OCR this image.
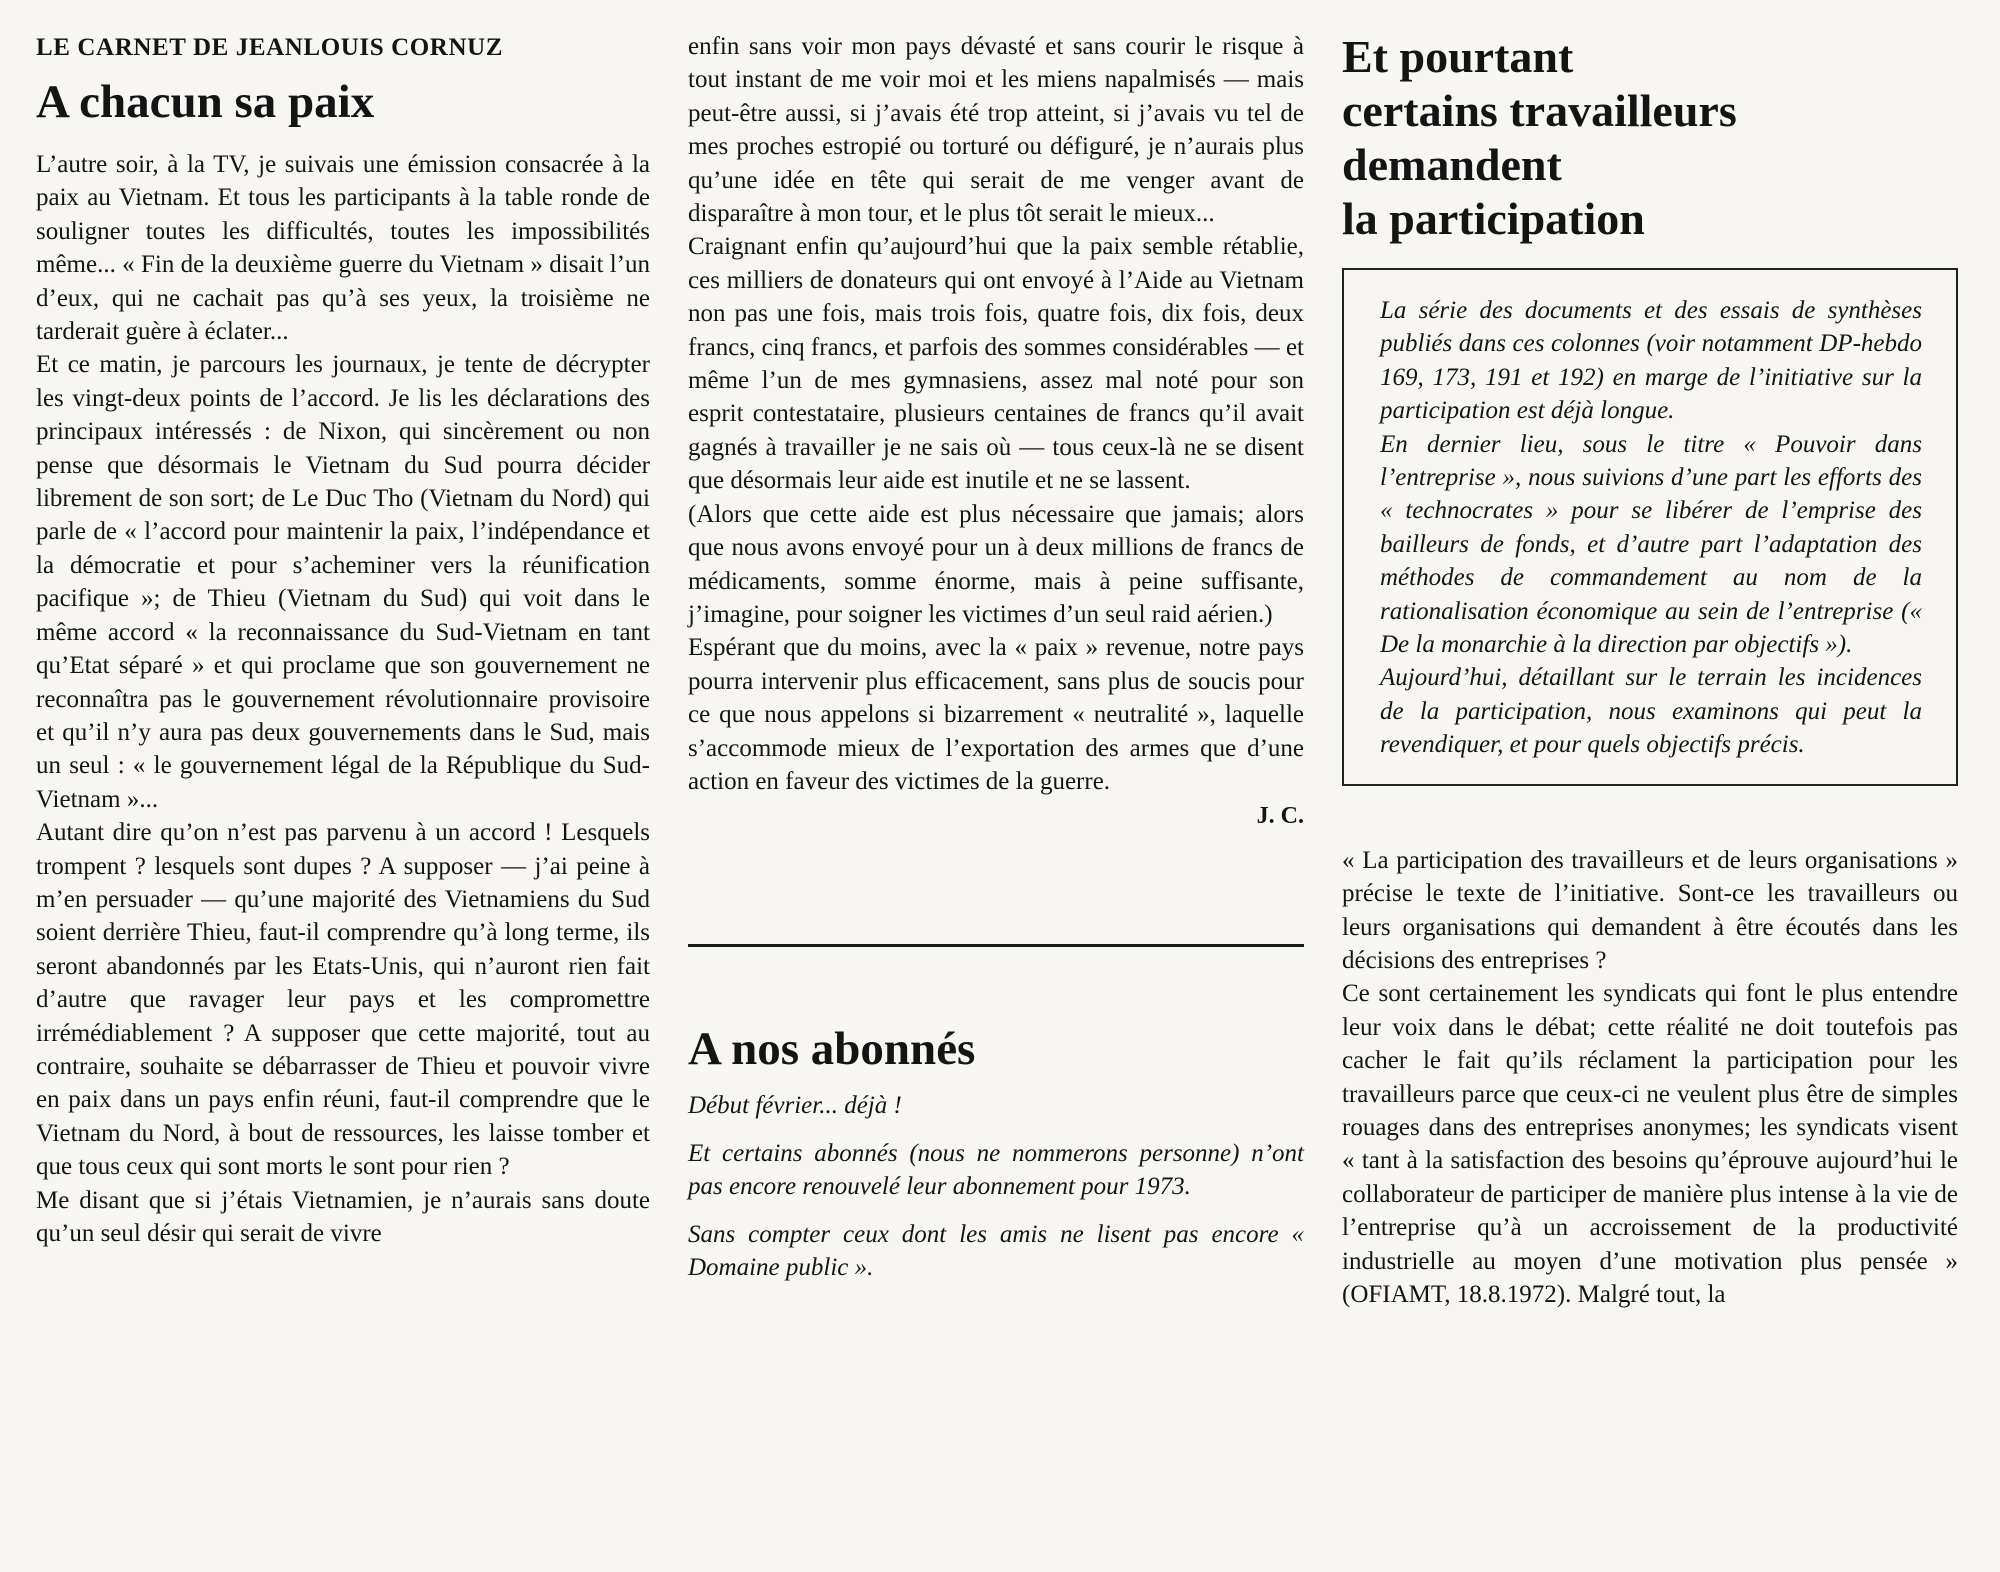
LE CARNET DE JEANLOUIS CORNUZ
A chacun sa paix

L’autre soir, à la TV, je suivais une émission consacrée à la paix au Vietnam. Et tous les participants à la table ronde de souligner toutes les difficultés, toutes les impossibilités même... « Fin de la deuxième guerre du Vietnam » disait l’un d’eux, qui ne cachait pas qu’à ses yeux, la troisième ne tarderait guère à éclater...

Et ce matin, je parcours les journaux, je tente de décrypter les vingt-deux points de l’accord. Je lis les déclarations des principaux intéressés : de Nixon, qui sincèrement ou non pense que désormais le Vietnam du Sud pourra décider librement de son sort; de Le Duc Tho (Vietnam du Nord) qui parle de « l’accord pour maintenir la paix, l’indépendance et la démocratie et pour s’acheminer vers la réunification pacifique »; de Thieu (Vietnam du Sud) qui voit dans le même accord « la reconnaissance du Sud-Vietnam en tant qu’Etat séparé » et qui proclame que son gouvernement ne reconnaîtra pas le gouvernement révolutionnaire provisoire et qu’il n’y aura pas deux gouvernements dans le Sud, mais un seul : « le gouvernement légal de la République du Sud-Vietnam »...

Autant dire qu’on n’est pas parvenu à un accord ! Lesquels trompent ? lesquels sont dupes ? A supposer — j’ai peine à m’en persuader — qu’une majorité des Vietnamiens du Sud soient derrière Thieu, faut-il comprendre qu’à long terme, ils seront abandonnés par les Etats-Unis, qui n’auront rien fait d’autre que ravager leur pays et les compromettre irrémédiablement ? A supposer que cette majorité, tout au contraire, souhaite se débarrasser de Thieu et pouvoir vivre en paix dans un pays enfin réuni, faut-il comprendre que le Vietnam du Nord, à bout de ressources, les laisse tomber et que tous ceux qui sont morts le sont pour rien ?

Me disant que si j’étais Vietnamien, je n’aurais sans doute qu’un seul désir qui serait de vivre

enfin sans voir mon pays dévasté et sans courir le risque à tout instant de me voir moi et les miens napalmisés — mais peut-être aussi, si j’avais été trop atteint, si j’avais vu tel de mes proches estropié ou torturé ou défiguré, je n’aurais plus qu’une idée en tête qui serait de me venger avant de disparaître à mon tour, et le plus tôt serait le mieux...

Craignant enfin qu’aujourd’hui que la paix semble rétablie, ces milliers de donateurs qui ont envoyé à l’Aide au Vietnam non pas une fois, mais trois fois, quatre fois, dix fois, deux francs, cinq francs, et parfois des sommes considérables — et même l’un de mes gymnasiens, assez mal noté pour son esprit contestataire, plusieurs centaines de francs qu’il avait gagnés à travailler je ne sais où — tous ceux-là ne se disent que désormais leur aide est inutile et ne se lassent.

(Alors que cette aide est plus nécessaire que jamais; alors que nous avons envoyé pour un à deux millions de francs de médicaments, somme énorme, mais à peine suffisante, j’imagine, pour soigner les victimes d’un seul raid aérien.)

Espérant que du moins, avec la « paix » revenue, notre pays pourra intervenir plus efficacement, sans plus de soucis pour ce que nous appelons si bizarrement « neutralité », laquelle s’accommode mieux de l’exportation des armes que d’une action en faveur des victimes de la guerre.

J. C.
A nos abonnés

Début février... déjà !

Et certains abonnés (nous ne nommerons personne) n’ont pas encore renouvelé leur abonnement pour 1973.

Sans compter ceux dont les amis ne lisent pas encore « Domaine public ».

Et pourtant
certains travailleurs
demandent
la participation

La série des documents et des essais de synthèses publiés dans ces colonnes (voir notamment DP-hebdo 169, 173, 191 et 192) en marge de l’initiative sur la participation est déjà longue.

En dernier lieu, sous le titre « Pouvoir dans l’entreprise », nous suivions d’une part les efforts des « technocrates » pour se libérer de l’emprise des bailleurs de fonds, et d’autre part l’adaptation des méthodes de commandement au nom de la rationalisation économique au sein de l’entreprise (« De la monarchie à la direction par objectifs »).

Aujourd’hui, détaillant sur le terrain les incidences de la participation, nous examinons qui peut la revendiquer, et pour quels objectifs précis.

« La participation des travailleurs et de leurs organisations » précise le texte de l’initiative. Sont-ce les travailleurs ou leurs organisations qui demandent à être écoutés dans les décisions des entreprises ?

Ce sont certainement les syndicats qui font le plus entendre leur voix dans le débat; cette réalité ne doit toutefois pas cacher le fait qu’ils réclament la participation pour les travailleurs parce que ceux-ci ne veulent plus être de simples rouages dans des entreprises anonymes; les syndicats visent « tant à la satisfaction des besoins qu’éprouve aujourd’hui le collaborateur de participer de manière plus intense à la vie de l’entreprise qu’à un accroissement de la productivité industrielle au moyen d’une motivation plus pensée » (OFIAMT, 18.8.1972). Malgré tout, la
